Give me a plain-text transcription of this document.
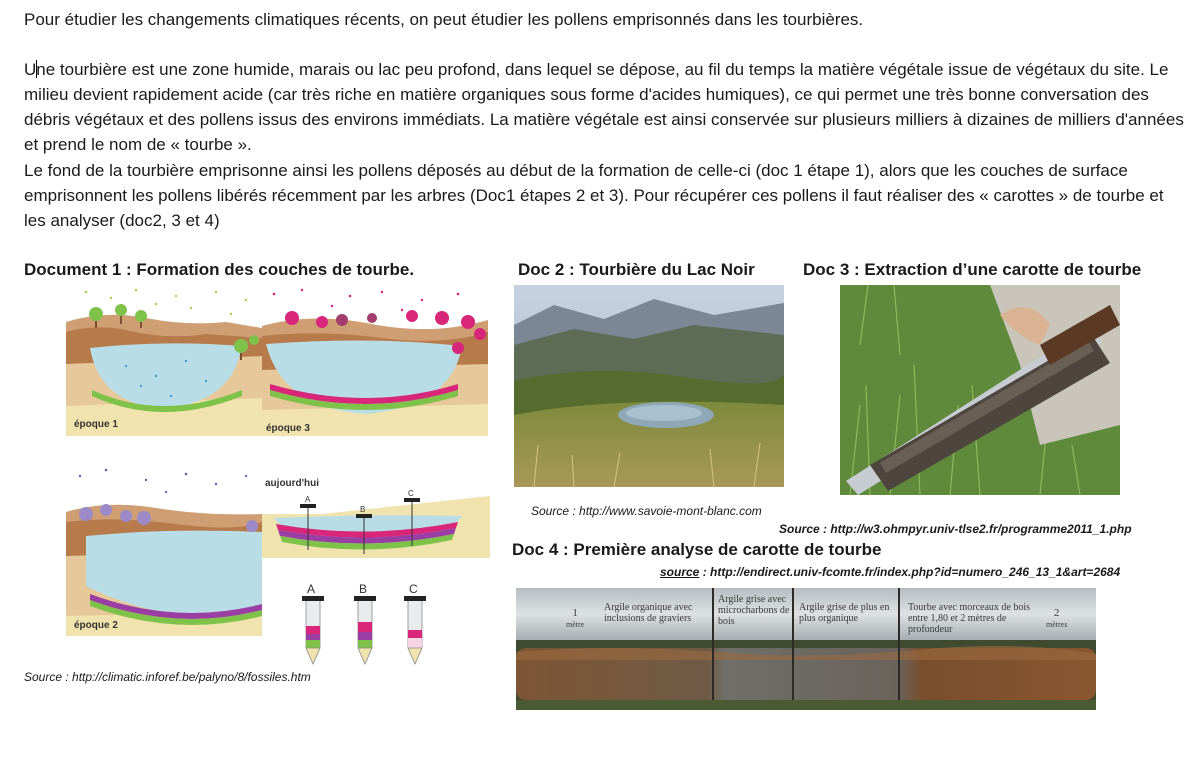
Pour étudier les changements climatiques récents, on peut étudier les pollens emprisonnés dans les tourbières.

Une tourbière est une zone humide, marais ou lac peu profond, dans lequel se dépose, au fil du temps la matière végétale issue de végétaux du site. Le milieu devient rapidement acide (car très riche en matière organiques sous forme d'acides humiques), ce qui permet une très bonne conversation des débris végétaux et des pollens issus des environs immédiats. La matière végétale est ainsi conservée sur plusieurs milliers à dizaines de milliers d'années et prend le nom de « tourbe ».

Le fond de la tourbière emprisonne ainsi les pollens déposés au début de la formation de celle-ci (doc 1 étape 1), alors que les couches de surface emprisonnent les pollens libérés récemment par les arbres (Doc1 étapes 2 et 3). Pour récupérer ces pollens il faut réaliser des « carottes » de tourbe et les analyser (doc2, 3 et 4)

Document 1 : Formation des couches de tourbe.	Doc 2 : Tourbière du Lac Noir	Doc 3 : Extraction d’une carotte de tourbe
Doc 4 : Première analyse de carotte de tourbe
époque 1	époque 3
époque 2
A
B
C
aujourd'hui
A	B	C
Source : http://climatic.inforef.be/palyno/8/fossiles.htm
Source : http://www.savoie-mont-blanc.com
Source : http://w3.ohmpyr.univ-tlse2.fr/programme2011_1.php
source : http://endirect.univ-fcomte.fr/index.php?id=numero_246_13_1&art=2684
1
mètre
Argile organique avec inclusions de graviers
Argile grise avec microcharbons de bois
Argile grise de plus en plus organique
Tourbe avec morceaux de bois entre 1,80 et 2 mètres de profondeur
2
mètres
